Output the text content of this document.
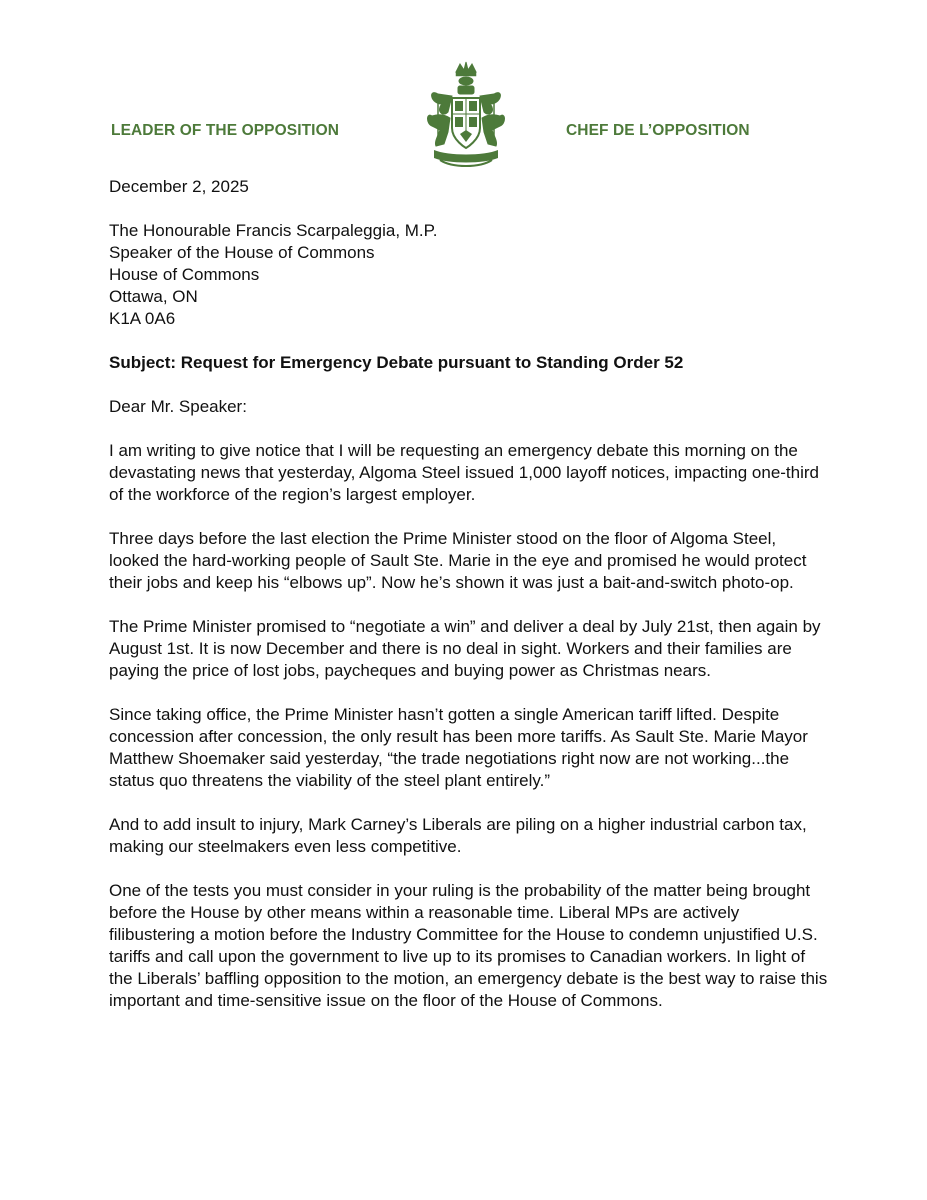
LEADER OF THE OPPOSITION	CHEF DE L’OPPOSITION

December 2, 2025

The Honourable Francis Scarpaleggia, M.P.

Speaker of the House of Commons

House of Commons

Ottawa, ON

K1A 0A6

Subject: Request for Emergency Debate pursuant to Standing Order 52

Dear Mr. Speaker:

I am writing to give notice that I will be requesting an emergency debate this morning on the devastating news that yesterday, Algoma Steel issued 1,000 layoff notices, impacting one-third of the workforce of the region’s largest employer.

Three days before the last election the Prime Minister stood on the floor of Algoma Steel, looked the hard-working people of Sault Ste. Marie in the eye and promised he would protect their jobs and keep his “elbows up”. Now he’s shown it was just a bait-and-switch photo-op.

The Prime Minister promised to “negotiate a win” and deliver a deal by July 21st, then again by August 1st. It is now December and there is no deal in sight. Workers and their families are paying the price of lost jobs, paycheques and buying power as Christmas nears.

Since taking office, the Prime Minister hasn’t gotten a single American tariff lifted. Despite concession after concession, the only result has been more tariffs. As Sault Ste. Marie Mayor Matthew Shoemaker said yesterday, “the trade negotiations right now are not working...the status quo threatens the viability of the steel plant entirely.”

And to add insult to injury, Mark Carney’s Liberals are piling on a higher industrial carbon tax, making our steelmakers even less competitive.

One of the tests you must consider in your ruling is the probability of the matter being brought before the House by other means within a reasonable time. Liberal MPs are actively filibustering a motion before the Industry Committee for the House to condemn unjustified U.S. tariffs and call upon the government to live up to its promises to Canadian workers. In light of the Liberals’ baffling opposition to the motion, an emergency debate is the best way to raise this important and time-sensitive issue on the floor of the House of Commons.
